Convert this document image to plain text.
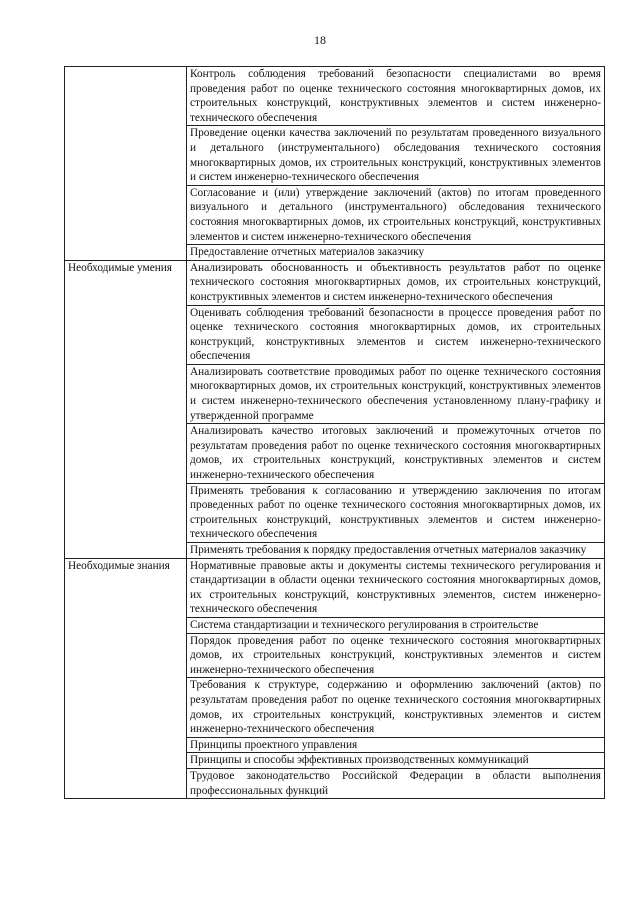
18
	Контроль соблюдения требований безопасности специалистами во время проведения работ по оценке технического состояния многоквартирных домов, их строительных конструкций, конструктивных элементов и систем инженерно-технического обеспечения
	Проведение оценки качества заключений по результатам проведенного визуального и детального (инструментального) обследования технического состояния многоквартирных домов, их строительных конструкций, конструктивных элементов и систем инженерно-технического обеспечения
	Согласование и (или) утверждение заключений (актов) по итогам проведенного визуального и детального (инструментального) обследования технического состояния многоквартирных домов, их строительных конструкций, конструктивных элементов и систем инженерно-технического обеспечения
	Предоставление отчетных материалов заказчику
Необходимые умения	Анализировать обоснованность и объективность результатов работ по оценке технического состояния многоквартирных домов, их строительных конструкций, конструктивных элементов и систем инженерно-технического обеспечения
	Оценивать соблюдения требований безопасности в процессе проведения работ по оценке технического состояния многоквартирных домов, их строительных конструкций, конструктивных элементов и систем инженерно-технического обеспечения
	Анализировать соответствие проводимых работ по оценке технического состояния многоквартирных домов, их строительных конструкций, конструктивных элементов и систем инженерно-технического обеспечения установленному плану-графику и утвержденной программе
	Анализировать качество итоговых заключений и промежуточных отчетов по результатам проведения работ по оценке технического состояния многоквартирных домов, их строительных конструкций, конструктивных элементов и систем инженерно-технического обеспечения
	Применять требования к согласованию и утверждению заключения по итогам проведенных работ по оценке технического состояния многоквартирных домов, их строительных конструкций, конструктивных элементов и систем инженерно-технического обеспечения
	Применять требования к порядку предоставления отчетных материалов заказчику
Необходимые знания	Нормативные правовые акты и документы системы технического регулирования и стандартизации в области оценки технического состояния многоквартирных домов, их строительных конструкций, конструктивных элементов, систем инженерно-технического обеспечения
	Система стандартизации и технического регулирования в строительстве
	Порядок проведения работ по оценке технического состояния многоквартирных домов, их строительных конструкций, конструктивных элементов и систем инженерно-технического обеспечения
	Требования к структуре, содержанию и оформлению заключений (актов) по результатам проведения работ по оценке технического состояния многоквартирных домов, их строительных конструкций, конструктивных элементов и систем инженерно-технического обеспечения
	Принципы проектного управления
	Принципы и способы эффективных производственных коммуникаций
	Трудовое законодательство Российской Федерации в области выполнения профессиональных функций
